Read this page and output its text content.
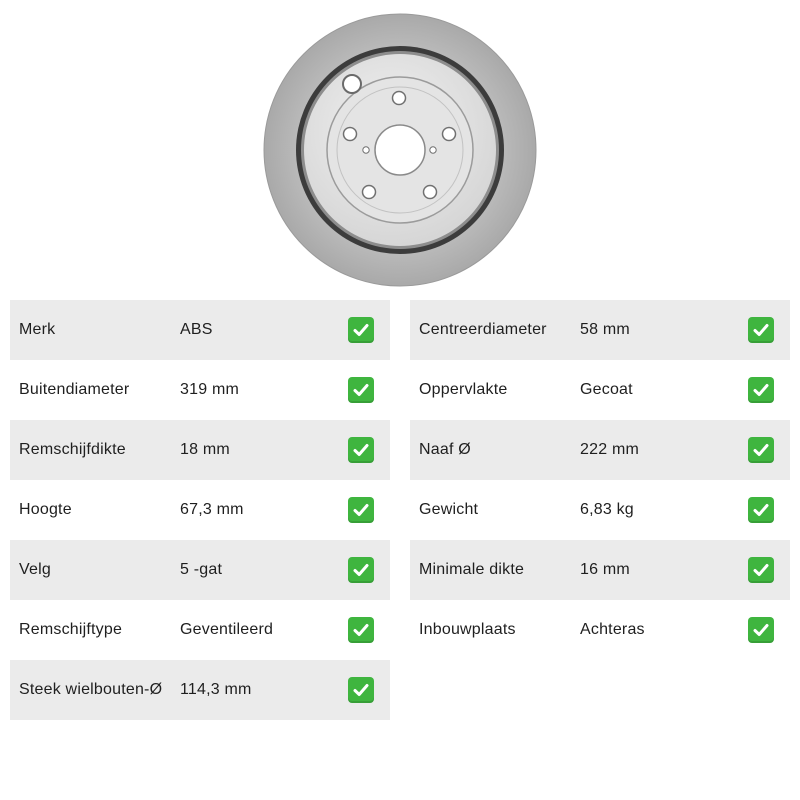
Merk	ABS
Buitendiameter	319 mm
Remschijfdikte	18 mm
Hoogte	67,3 mm
Velg	5 -gat
Remschijftype	Geventileerd
Steek wielbouten-Ø	114,3 mm
Centreerdiameter	58 mm
Oppervlakte	Gecoat
Naaf Ø	222 mm
Gewicht	6,83 kg
Minimale dikte	16 mm
Inbouwplaats	Achteras
